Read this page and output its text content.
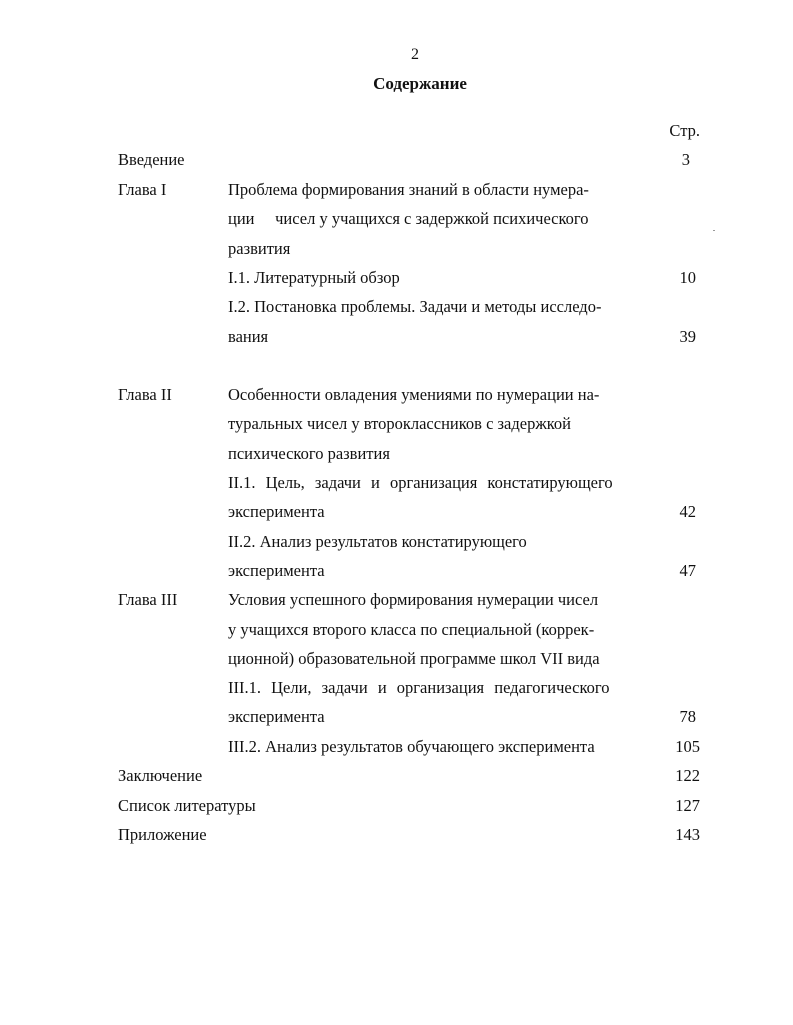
2
Содержание
Стр.
Введение	3
Глава I	Проблема формирования знаний в области нумера-
ции     чисел у учащихся с задержкой психического
развития
I.1. Литературный обзор	10
I.2. Постановка проблемы. Задачи и методы исследо-
вания	39
Глава II	Особенности овладения умениями по нумерации на-
туральных чисел у второклассников с задержкой
психического развития
II.1. Цель, задачи и организация констатирующего
эксперимента	42
II.2. Анализ результатов констатирующего
эксперимента	47
Глава III	Условия успешного формирования нумерации чисел
у учащихся второго класса по специальной (коррек-
ционной) образовательной программе школ VII вида
III.1. Цели, задачи и организация педагогического
эксперимента	78
III.2. Анализ результатов обучающего эксперимента	105
Заключение	122
Список литературы	127
Приложение	143
